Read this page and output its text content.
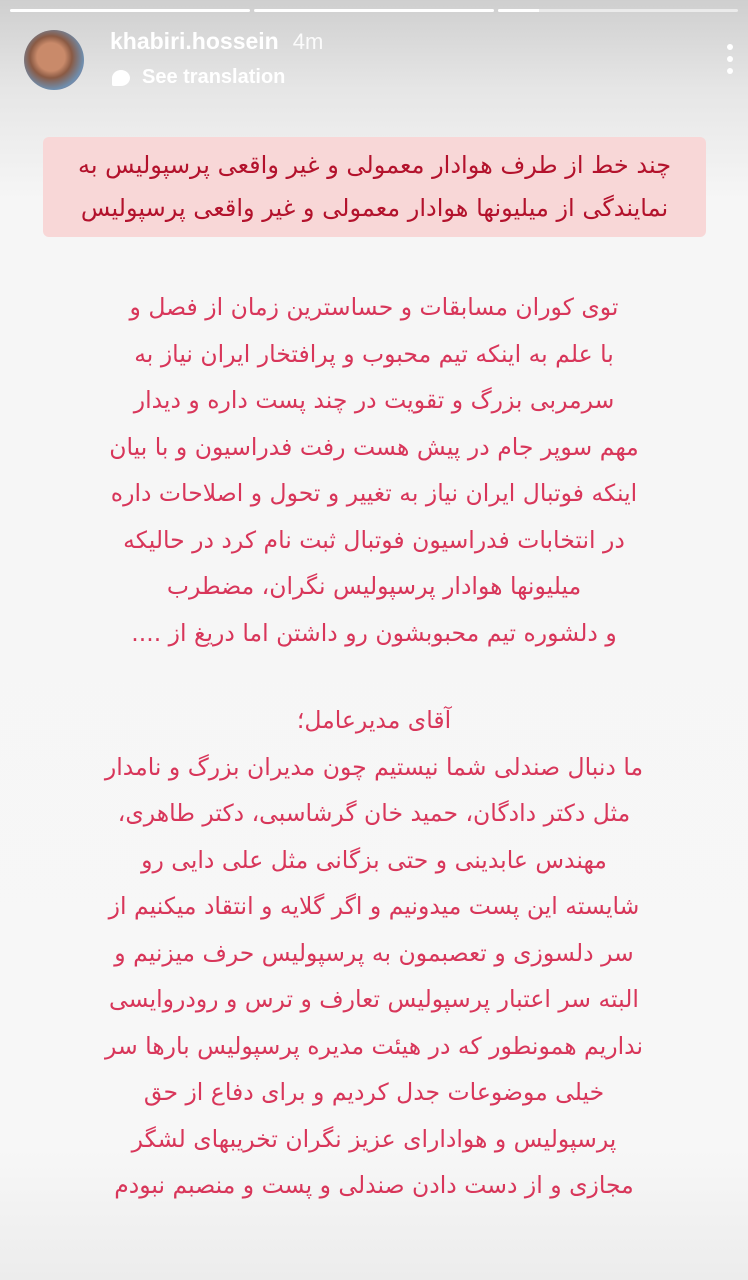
khabiri.hossein 4m
See translation
چند خط از طرف هوادار معمولی و غیر واقعی پرسپولیس به
نمایندگی از میلیونها هوادار معمولی و غیر واقعی پرسپولیس
توی کوران مسابقات و حساسترین زمان از فصل و
با علم به اینکه تیم محبوب و پرافتخار ایران نیاز به
سرمربی بزرگ و تقویت در چند پست داره و دیدار
مهم سوپر جام در پیش هست رفت فدراسیون و با بیان
اینکه فوتبال ایران نیاز به تغییر و تحول و اصلاحات داره
در انتخابات فدراسیون فوتبال ثبت نام کرد در حالیکه
میلیونها هوادار پرسپولیس نگران، مضطرب
و دلشوره تیم محبوبشون رو داشتن اما دریغ از ....
آقای مدیرعامل؛
ما دنبال صندلی شما نیستیم چون مدیران بزرگ و نامدار
مثل دکتر دادگان، حمید خان گرشاسبی، دکتر طاهری،
مهندس عابدینی و حتی بزگانی مثل علی دایی رو
شایسته این پست میدونیم و اگر گلایه و انتقاد میکنیم از
سر دلسوزی و تعصبمون به پرسپولیس حرف میزنیم و
البته سر اعتبار پرسپولیس تعارف و ترس و رودروایسی
نداریم همونطور که در هیئت مدیره پرسپولیس بارها سر
خیلی موضوعات جدل کردیم و برای دفاع از حق
پرسپولیس و هوادارای عزیز نگران تخریبهای لشگر
مجازی و از دست دادن صندلی و پست و منصبم نبودم
